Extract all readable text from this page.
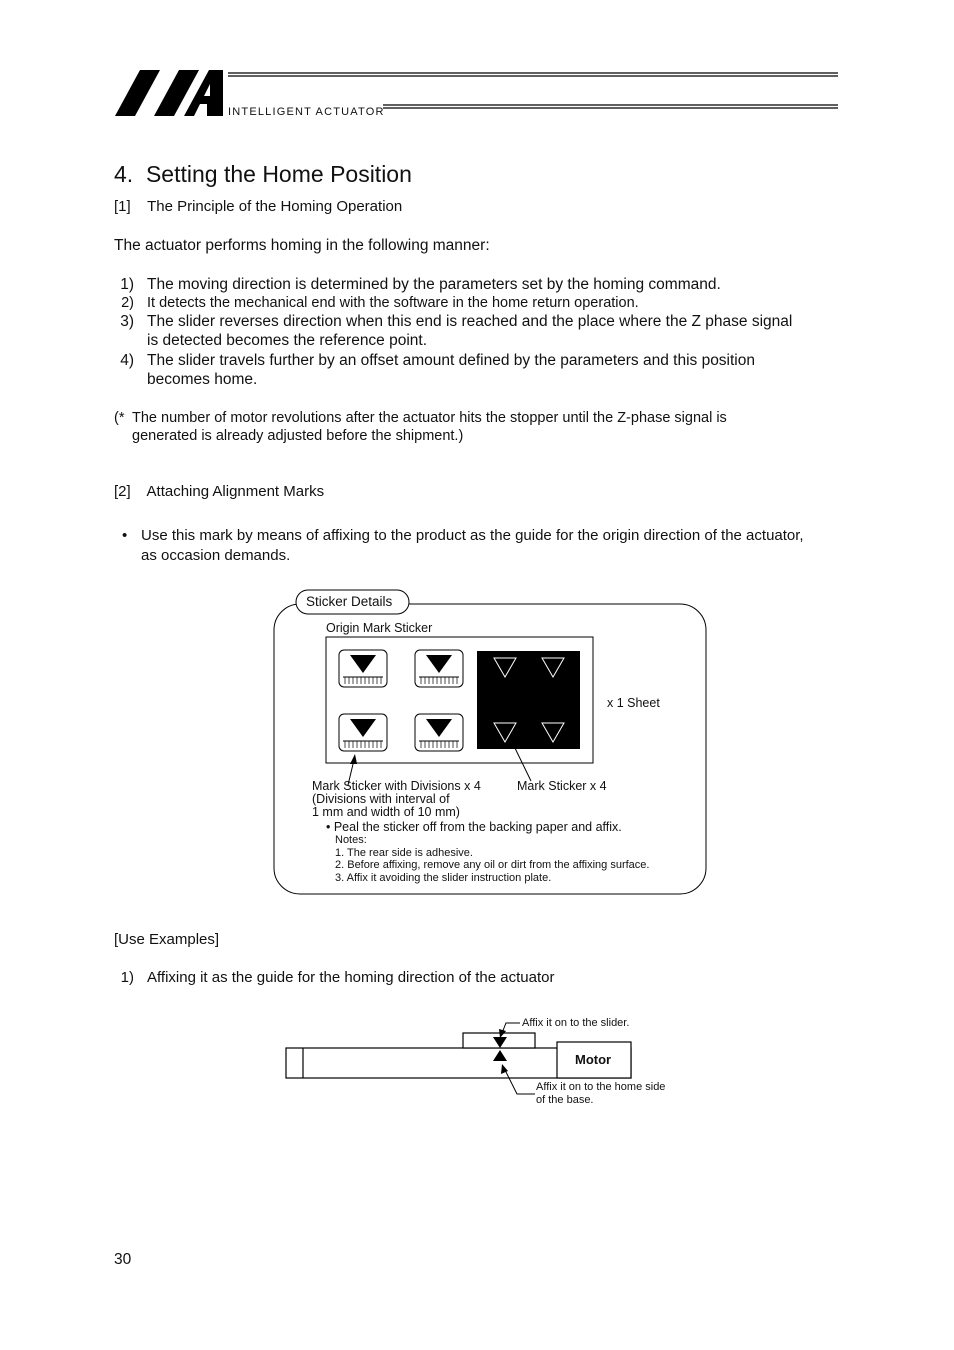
INTELLIGENT ACTUATOR
4.  Setting the Home Position
[1]    The Principle of the Homing Operation
The actuator performs homing in the following manner:
1) The moving direction is determined by the parameters set by the homing command.
2) It detects the mechanical end with the software in the home return operation.
3) The slider reverses direction when this end is reached and the place where the Z phase signal
is detected becomes the reference point.
4) The slider travels further by an offset amount defined by the parameters and this position
becomes home.
(* The number of motor revolutions after the actuator hits the stopper until the Z-phase signal is
generated is already adjusted before the shipment.)
[2]    Attaching Alignment Marks
• Use this mark by means of affixing to the product as the guide for the origin direction of the actuator,
as occasion demands.
Sticker Details
Origin Mark Sticker
x 1 Sheet
Mark Sticker with Divisions x 4
(Divisions with interval of
1 mm and width of 10 mm)
Mark Sticker x 4
• Peal the sticker off from the backing paper and affix.
Notes:
1. The rear side is adhesive.
2. Before affixing, remove any oil or dirt from the affixing surface.
3. Affix it avoiding the slider instruction plate.
[Use Examples]
1) Affixing it as the guide for the homing direction of the actuator
Affix it on to the slider.
Motor
Affix it on to the home side
of the base.
30
